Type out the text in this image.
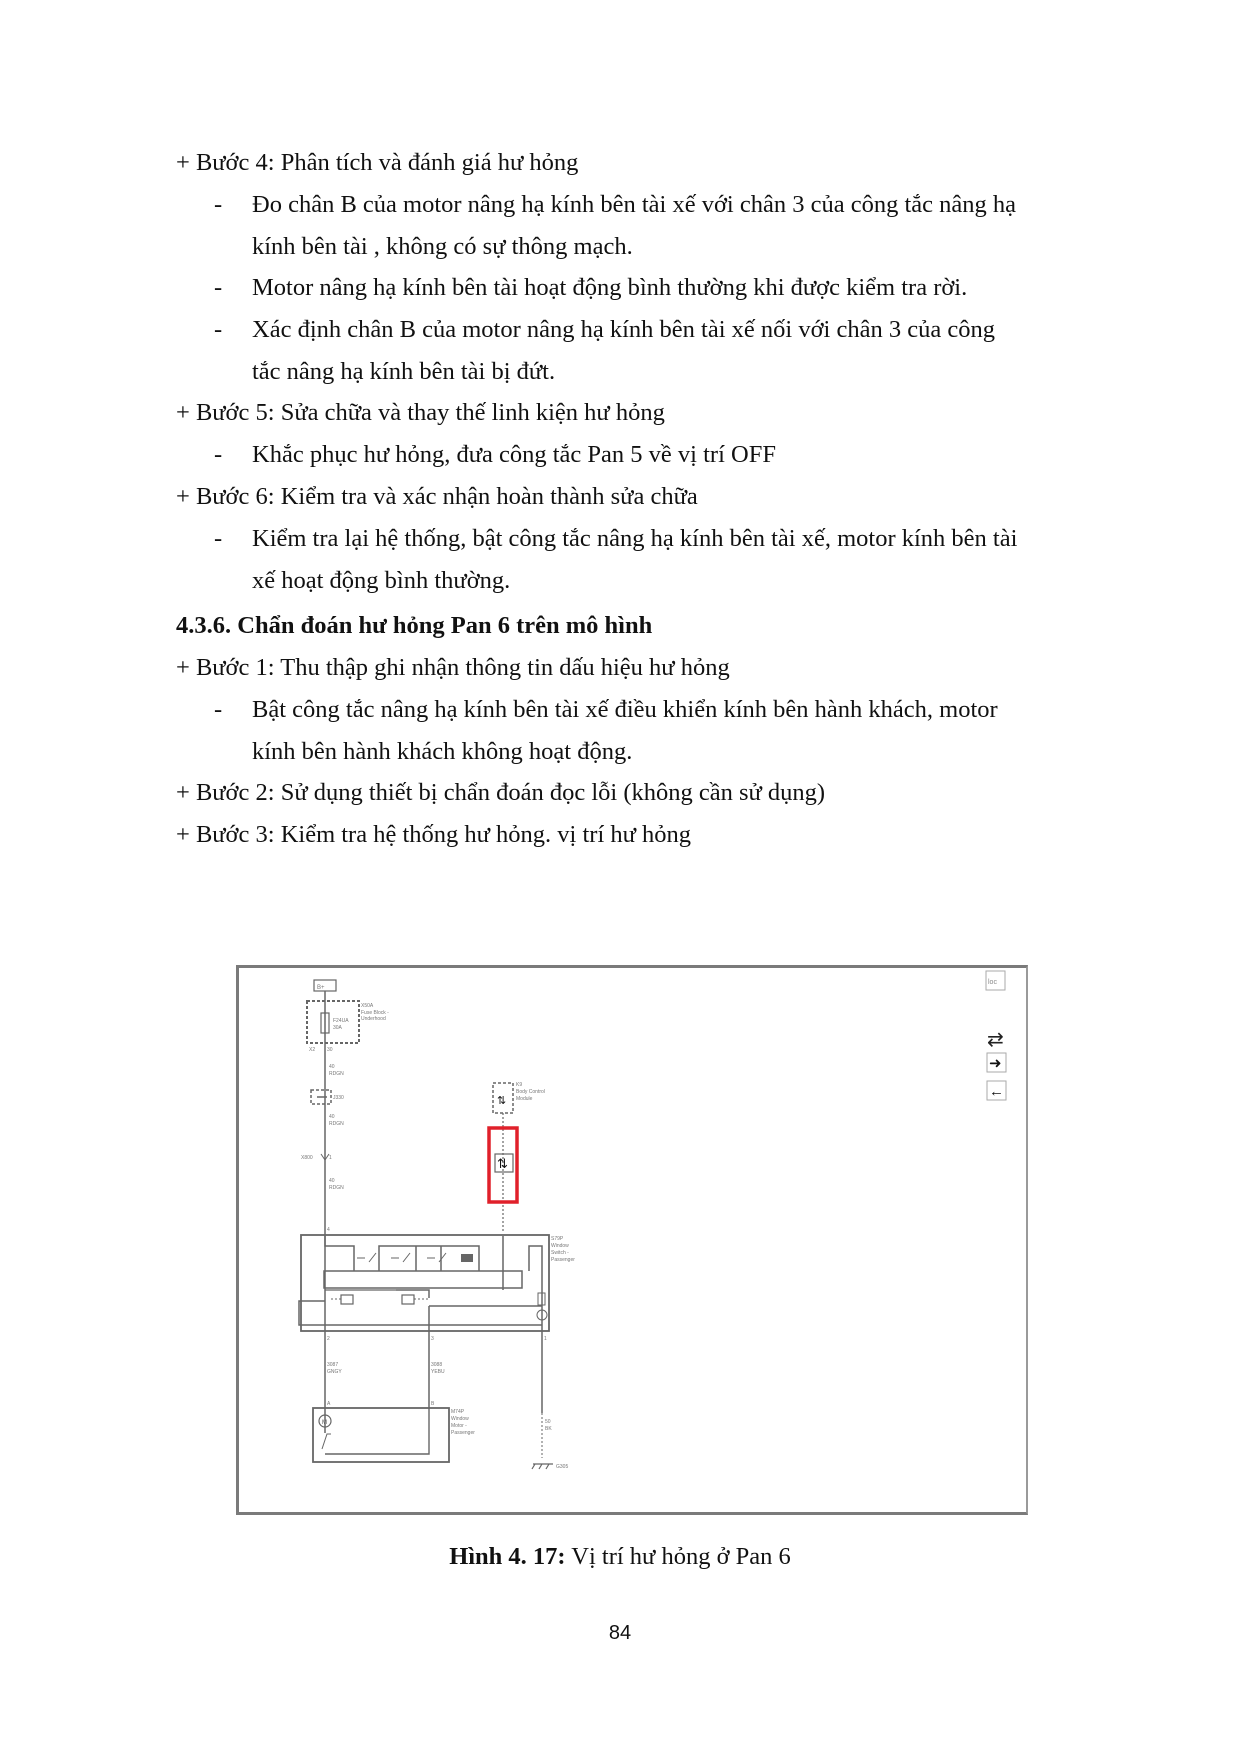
+ Bước 4: Phân tích và đánh giá hư hỏng
- Đo chân B của motor nâng hạ kính bên tài xế với chân 3 của công tắc nâng hạ
kính bên tài , không có sự thông mạch.
- Motor nâng hạ kính bên tài hoạt động bình thường khi được kiểm tra rời.
- Xác định chân B của motor nâng hạ kính bên tài xế nối với chân 3 của công
tắc nâng hạ kính bên tài bị đứt.
+ Bước 5: Sửa chữa và thay thế linh kiện hư hỏng
- Khắc phục hư hỏng, đưa công tắc Pan 5 về vị trí OFF
+ Bước 6: Kiểm tra và xác nhận hoàn thành sửa chữa
- Kiểm tra lại hệ thống, bật công tắc nâng hạ kính bên tài xế, motor kính bên tài
xế hoạt động bình thường.
4.3.6. Chẩn đoán hư hỏng Pan 6 trên mô hình
+ Bước 1: Thu thập ghi nhận thông tin dấu hiệu hư hỏng
- Bật công tắc nâng hạ kính bên tài xế điều khiển kính bên hành khách, motor
kính bên hành khách không hoạt động.
+ Bước 2: Sử dụng thiết bị chẩn đoán đọc lỗi (không cần sử dụng)
+ Bước 3: Kiểm tra hệ thống hư hỏng. vị trí hư hỏng
⇅
⇅
B+
X50A
Fuse Block -
Underhood
F24UA
30A
X2 30
40
RDGN
J330
40
RDGN
X800	1
40
RDGN
4
K9
Body Control
Module
S79P
Window
Switch -
Passenger
2	3	1
3087
GNGY
3088
YEBU
A	B
M74P
Window
Motor -
Passenger
50
BK
G305
M
loc
⇄
➜
←
Hình 4. 17: Vị trí hư hỏng ở Pan 6
84
